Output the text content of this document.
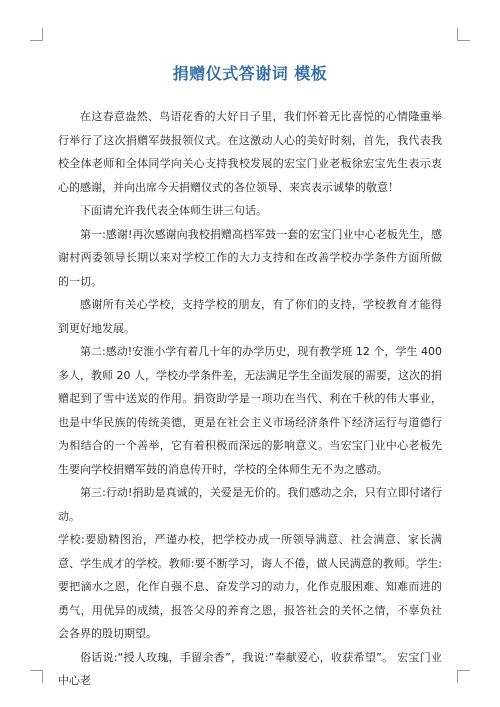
捐赠仪式答谢词 模板

在这春意盎然、鸟语花香的大好日子里，我们怀着无比喜悦的心情隆重举行举行了这次捐赠军鼓报领仪式。在这激动人心的美好时刻，首先，我代表我校全体老师和全体同学向关心支持我校发展的宏宝门业老板徐宏宝先生表示衷心的感谢，并向出席今天捐赠仪式的各位领导、来宾表示诚挚的敬意！

下面请允许我代表全体师生讲三句话。

第一:感谢!再次感谢向我校捐赠高档军鼓一套的宏宝门业中心老板先生，感谢村两委领导长期以来对学校工作的大力支持和在改善学校办学条件方面所做的一切。

感谢所有关心学校，支持学校的朋友，有了你们的支持，学校教育才能得到更好地发展。

第二:感动!安淮小学有着几十年的办学历史，现有教学班 12 个，学生 400 多人，教师 20 人，学校办学条件差，无法满足学生全面发展的需要，这次的捐赠起到了雪中送炭的作用。捐资助学是一项功在当代、利在千秋的伟大事业，也是中华民族的传统美德，更是在社会主义市场经济条件下经济运行与道德行为相结合的一个善举，它有着积极而深远的影响意义。当宏宝门业中心老板先生要向学校捐赠军鼓的消息传开时，学校的全体师生无不为之感动。

第三:行动!捐助是真诚的，关爱是无价的。我们感动之余，只有立即付诸行动。

学校:要励精图治，严谨办校，把学校办成一所领导满意、社会满意、家长满意、学生成才的学校。教师:要不断学习，诲人不倦，做人民满意的教师。学生:要把滴水之恩，化作自强不息、奋发学习的动力，化作克服困难、知难而进的勇气，用优异的成绩，报答父母的养育之恩，报答社会的关怀之情，不辜负社会各界的殷切期望。

俗话说:“授人玫瑰，手留余香”，我说:”奉献爱心，收获希望”。 宏宝门业中心老
